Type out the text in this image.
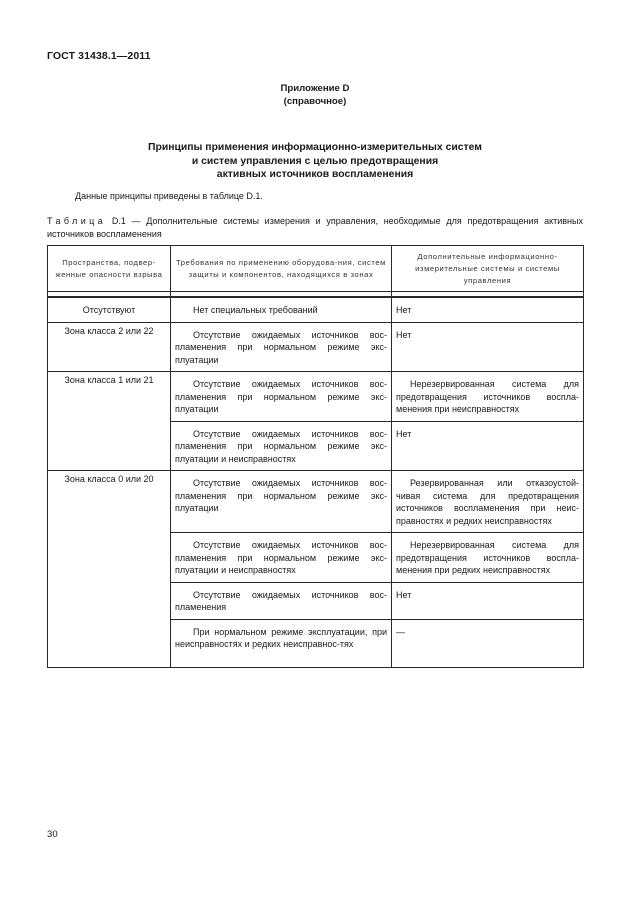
ГОСТ 31438.1—2011
Приложение D
(справочное)
Принципы применения информационно-измерительных систем
и систем управления с целью предотвращения
активных источников воспламенения
Данные принципы приведены в таблице D.1.
Таблица D.1 — Дополнительные системы измерения и управления, необходимые для предотвращения активных источников воспламенения
Пространства, подвер-женные опасности взрыва	Требования по применению оборудова-ния, систем защиты и компонентов, находящихся в зонах	Дополнительные информационно-измерительные системы и системы управления

Отсутствуют	Нет специальных требований	Нет
Зона класса 2 или 22	Отсутствие ожидаемых источников вос-пламенения при нормальном режиме экс-плуатации	Нет
Зона класса 1 или 21	Отсутствие ожидаемых источников вос-пламенения при нормальном режиме экс-плуатации	Нерезервированная система для предотвращения источников воспла-менения при неисправностях
	Отсутствие ожидаемых источников вос-пламенения при нормальном режиме экс-плуатации и неисправностях	Нет
Зона класса 0 или 20	Отсутствие ожидаемых источников вос-пламенения при нормальном режиме экс-плуатации	Резервированная или отказоустой-чивая система для предотвращения источников воспламенения при неис-правностях и редких неисправностях
	Отсутствие ожидаемых источников вос-пламенения при нормальном режиме экс-плуатации и неисправностях	Нерезервированная система для предотвращения источников воспла-менения при редких неисправностях
	Отсутствие ожидаемых источников вос-пламенения	Нет
	При нормальном режиме эксплуатации, при неисправностях и редких неисправнос-тях	—
30
